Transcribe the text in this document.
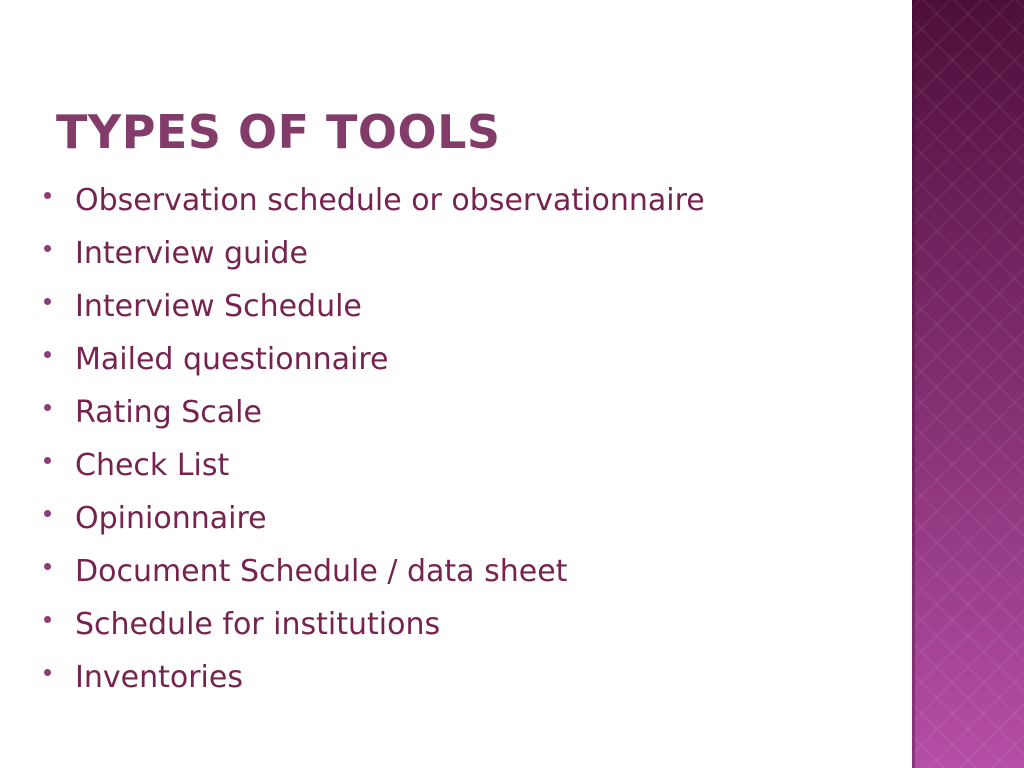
TYPES OF TOOLS
Observation schedule or observationnaire
Interview guide
Interview Schedule
Mailed questionnaire
Rating Scale
Check List
Opinionnaire
Document Schedule / data sheet
Schedule for institutions
Inventories
